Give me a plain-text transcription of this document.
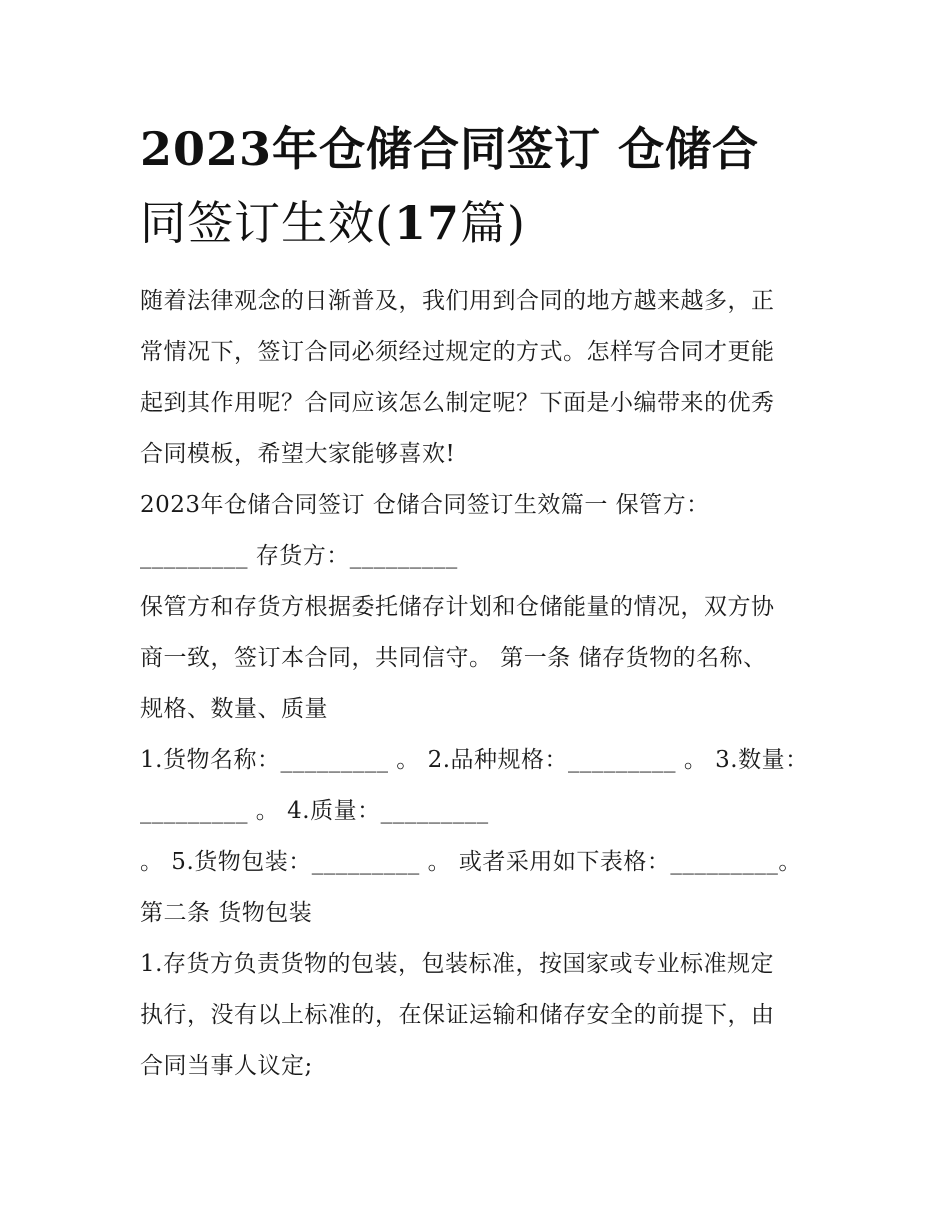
2023年仓储合同签订 仓储合
同签订生效(17篇)
随着法律观念的日渐普及，我们用到合同的地方越来越多，正
常情况下，签订合同必须经过规定的方式。怎样写合同才更能
起到其作用呢？合同应该怎么制定呢？下面是小编带来的优秀
合同模板，希望大家能够喜欢!
2023年仓储合同签订 仓储合同签订生效篇一 保管方：
_________ 存货方：_________
保管方和存货方根据委托储存计划和仓储能量的情况，双方协
商一致，签订本合同，共同信守。 第一条 储存货物的名称、
规格、数量、质量
1.货物名称：_________ 。 2.品种规格：_________ 。 3.数量：
_________ 。 4.质量：_________
。 5.货物包装：_________ 。 或者采用如下表格：_________。
第二条 货物包装
1.存货方负责货物的包装，包装标准，按国家或专业标准规定
执行，没有以上标准的，在保证运输和储存安全的前提下，由
合同当事人议定;
